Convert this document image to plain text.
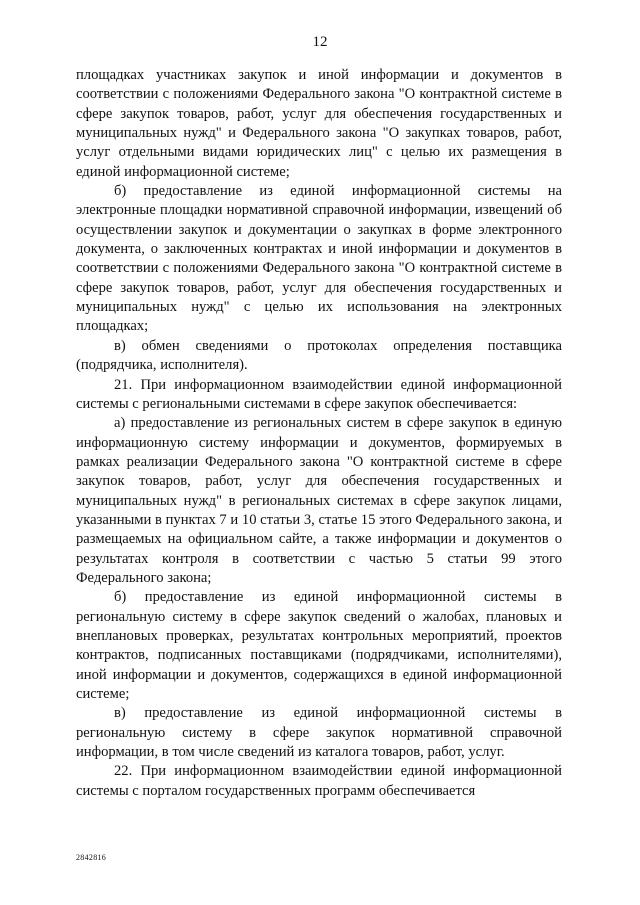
12

площадках участниках закупок и иной информации и документов в соответствии с положениями Федерального закона "О контрактной системе в сфере закупок товаров, работ, услуг для обеспечения государственных и муниципальных нужд" и Федерального закона "О закупках товаров, работ, услуг отдельными видами юридических лиц" с целью их размещения в единой информационной системе;

б) предоставление из единой информационной системы на электронные площадки нормативной справочной информации, извещений об осуществлении закупок и документации о закупках в форме электронного документа, о заключенных контрактах и иной информации и документов в соответствии с положениями Федерального закона "О контрактной системе в сфере закупок товаров, работ, услуг для обеспечения государственных и муниципальных нужд" с целью их использования на электронных площадках;

в) обмен сведениями о протоколах определения поставщика (подрядчика, исполнителя).

21. При информационном взаимодействии единой информационной системы с региональными системами в сфере закупок обеспечивается:

а) предоставление из региональных систем в сфере закупок в единую информационную систему информации и документов, формируемых в рамках реализации Федерального закона "О контрактной системе в сфере закупок товаров, работ, услуг для обеспечения государственных и муниципальных нужд" в региональных системах в сфере закупок лицами, указанными в пунктах 7 и 10 статьи 3, статье 15 этого Федерального закона, и размещаемых на официальном сайте, а также информации и документов о результатах контроля в соответствии с частью 5 статьи 99 этого Федерального закона;

б) предоставление из единой информационной системы в региональную систему в сфере закупок сведений о жалобах, плановых и внеплановых проверках, результатах контрольных мероприятий, проектов контрактов, подписанных поставщиками (подрядчиками, исполнителями), иной информации и документов, содержащихся в единой информационной системе;

в) предоставление из единой информационной системы в региональную систему в сфере закупок нормативной справочной информации, в том числе сведений из каталога товаров, работ, услуг.

22. При информационном взаимодействии единой информационной системы с порталом государственных программ обеспечивается

2842816
